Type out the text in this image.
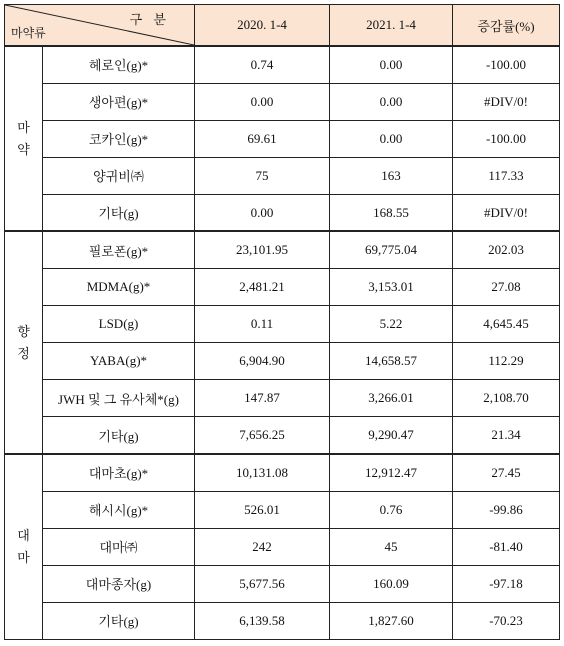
구 분
마약류		2020. 1-4	2021. 1-4	증감률(%)

마
약	헤로인(g)*	0.74	0.00	-100.00
	생아편(g)*	0.00	0.00	#DIV/0!
	코카인(g)*	69.61	0.00	-100.00
	양귀비㈜	75	163	117.33
	기타(g)	0.00	168.55	#DIV/0!

향
정	필로폰(g)*	23,101.95	69,775.04	202.03
	MDMA(g)*	2,481.21	3,153.01	27.08
	LSD(g)	0.11	5.22	4,645.45
	YABA(g)*	6,904.90	14,658.57	112.29
	JWH 및 그 유사체*(g)	147.87	3,266.01	2,108.70
	기타(g)	7,656.25	9,290.47	21.34

대
마	대마초(g)*	10,131.08	12,912.47	27.45
	해시시(g)*	526.01	0.76	-99.86
	대마㈜	242	45	-81.40
	대마종자(g)	5,677.56	160.09	-97.18
	기타(g)	6,139.58	1,827.60	-70.23
